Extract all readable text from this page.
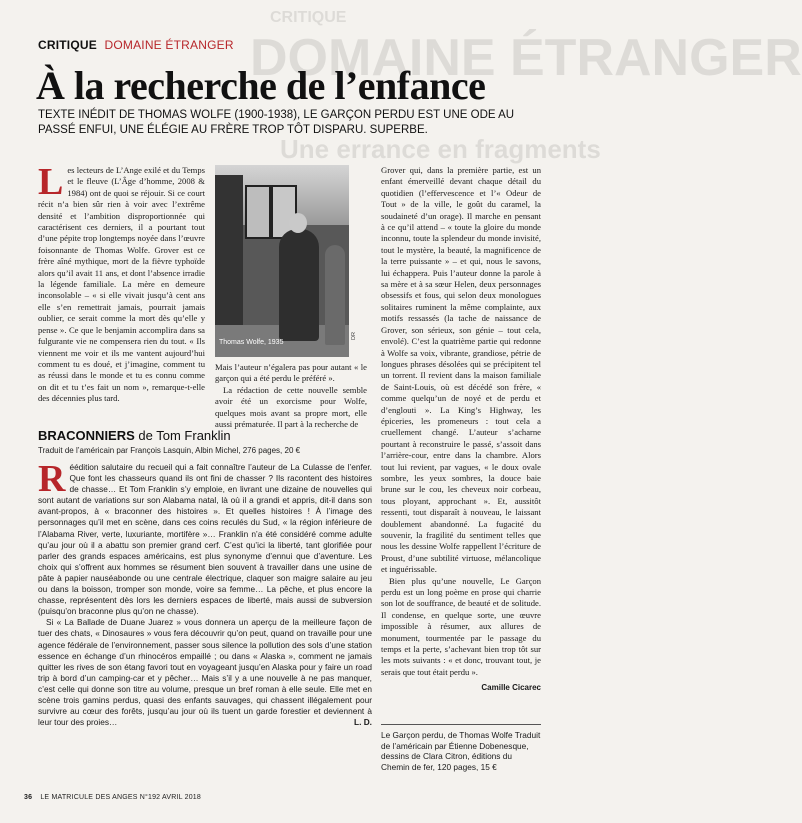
CRITIQUE
DOMAINE ÉTRANGER
Une errance en fragments
CRITIQUE DOMAINE ÉTRANGER
À la recherche de l’enfance
TEXTE INÉDIT DE THOMAS WOLFE (1900-1938), LE GARÇON PERDU EST UNE ODE AU PASSÉ ENFUI, UNE ÉLÉGIE AU FRÈRE TROP TÔT DISPARU. SUPERBE.

Les lecteurs de L’Ange exilé et du Temps et le fleuve (L’Âge d’homme, 2008 & 1984) ont de quoi se réjouir. Si ce court récit n’a bien sûr rien à voir avec l’extrême densité et l’ambition disproportionnée qui caractérisent ces derniers, il a pourtant tout d’une pépite trop longtemps noyée dans l’œuvre foisonnante de Thomas Wolfe. Grover est ce frère aîné mythique, mort de la fièvre typhoïde alors qu’il avait 11 ans, et dont l’absence irradie la légende familiale. La mère en demeure inconsolable – « si elle vivait jusqu’à cent ans elle s’en remettrait jamais, pourrait jamais oublier, ce serait comme la mort dès qu’elle y pense ». Ce que le benjamin accomplira dans sa fulgurante vie ne compensera rien du tout. « Ils viennent me voir et ils me vantent aujourd’hui comment tu es doué, et j’imagine, comment tu as réussi dans le monde et tu es connu comme on dit et tu t’es fait un nom », remarque-t-elle des décennies plus tard.

Thomas Wolfe, 1935
DR

Mais l’auteur n’égalera pas pour autant « le garçon qui a été perdu le préféré ».

La rédaction de cette nouvelle semble avoir été un exorcisme pour Wolfe, quelques mois avant sa propre mort, elle aussi prématurée. Il part à la recherche de

Grover qui, dans la première partie, est un enfant émerveillé devant chaque détail du quotidien (l’effervescence et l’« Odeur de Tout » de la ville, le goût du caramel, la soudaineté d’un orage). Il marche en pensant à ce qu’il attend – « toute la gloire du monde inconnu, toute la splendeur du monde invisité, tout le mystère, la beauté, la magnificence de la terre puissante » – et qui, nous le savons, lui échappera. Puis l’auteur donne la parole à sa mère et à sa sœur Helen, deux personnages obsessifs et fous, qui selon deux monologues solitaires ruminent la même complainte, aux motifs ressassés (la tache de naissance de Grover, son sérieux, son génie – tout cela, envolé). C’est la quatrième partie qui redonne à Wolfe sa voix, vibrante, grandiose, pétrie de longues phrases désolées qui se précipitent tel un torrent. Il revient dans la maison familiale de Saint-Louis, où est décédé son frère, « comme quelqu’un de noyé et de perdu et d’englouti ». La King’s Highway, les épiceries, les promeneurs : tout cela a cruellement changé. L’auteur s’acharne pourtant à reconstruire le passé, s’assoit dans l’arrière-cour, entre dans la chambre. Alors tout lui revient, par vagues, « le doux ovale sombre, les yeux sombres, la douce baie brune sur le cou, les cheveux noir corbeau, tous ployant, approchant ». Et, aussitôt ressenti, tout disparaît à nouveau, le laissant doublement abandonné. La fugacité du souvenir, la fragilité du sentiment telles que nous les dessine Wolfe rappellent l’écriture de Proust, d’une subtilité virtuose, mélancolique et inguérissable.

Bien plus qu’une nouvelle, Le Garçon perdu est un long poème en prose qui charrie son lot de souffrance, de beauté et de solitude. Il condense, en quelque sorte, une œuvre impossible à résumer, aux allures de monument, tourmentée par le passage du temps et la perte, s’achevant bien trop tôt sur les mots suivants : « et donc, trouvant tout, je serais que tout était perdu ».

Camille Cicarec
Le Garçon perdu, de Thomas Wolfe Traduit de l’américain par Étienne Dobenesque, dessins de Clara Citron, éditions du Chemin de fer, 120 pages, 15 €
BRACONNIERS de Tom Franklin
Traduit de l’américain par François Lasquin, Albin Michel, 276 pages, 20 €

Réédition salutaire du recueil qui a fait connaître l’auteur de La Culasse de l’enfer. Que font les chasseurs quand ils ont fini de chasser ? Ils racontent des histoires de chasse… Et Tom Franklin s’y emploie, en livrant une dizaine de nouvelles qui sont autant de variations sur son Alabama natal, là où il a grandi et appris, dit-il dans son avant-propos, à « braconner des histoires ». Et quelles histoires ! À l’image des personnages qu’il met en scène, dans ces coins reculés du Sud, « la région inférieure de l’Alabama River, verte, luxuriante, mortifère »… Franklin n’a été considéré comme adulte qu’au jour où il a abattu son premier grand cerf. C’est qu’ici la liberté, tant glorifiée pour parler des grands espaces américains, est plus synonyme d’ennui que d’aventure. Les choix qui s’offrent aux hommes se résument bien souvent à travailler dans une usine de pâte à papier nauséabonde ou une centrale électrique, claquer son maigre salaire au jeu ou dans la boisson, tromper son monde, voire sa femme… La pêche, et plus encore la chasse, représentent dès lors les derniers espaces de liberté, mais aussi de subversion (puisqu’on braconne plus qu’on ne chasse).

Si « La Ballade de Duane Juarez » vous donnera un aperçu de la meilleure façon de tuer des chats, « Dinosaures » vous fera découvrir qu’on peut, quand on travaille pour une agence fédérale de l’environnement, passer sous silence la pollution des sols d’une station essence en échange d’un rhinocéros empaillé ; ou dans « Alaska », comment ne jamais quitter les rives de son étang favori tout en voyageant jusqu’en Alaska pour y faire un road trip à bord d’un camping-car et y pêcher… Mais s’il y a une nouvelle à ne pas manquer, c’est celle qui donne son titre au volume, presque un bref roman à elle seule. Elle met en scène trois gamins perdus, quasi des enfants sauvages, qui chassent illégalement pour survivre au cœur des forêts, jusqu’au jour où ils tuent un garde forestier et deviennent à leur tour des proies…	L. D.

36 LE MATRICULE DES ANGES N°192 AVRIL 2018
